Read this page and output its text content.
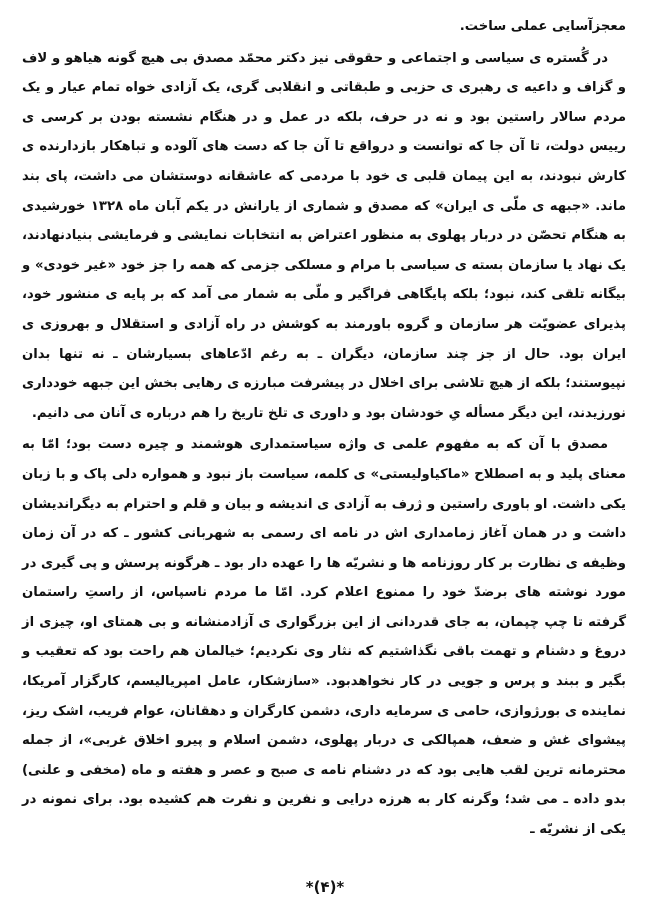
معجزآسایی عملی ساخت.

در گُستره ی سیاسی و اجتماعی و حقوقی نیز دکتر محمّد مصدق بی هیچ گونه هیاهو و لاف و گزاف و داعیه ی رهبری ی حزبی و طبقاتی و انقلابی گری، یک آزادی خواه تمام عیار و یک مردم سالار راستین بود و نه در حرف، بلکه در عمل و در هنگام نشسته بودن بر کرسی ی رییس دولت، تا آن جا که توانست و درواقع تا آن جا که دست های آلوده و تباهکار بازدارنده ی کارش نبودند، به این پیمان قلبی ی خود با مردمی که عاشقانه دوستشان می داشت، پای بند ماند. «جبهه ی ملّی ی ایران» که مصدق و شماری از یارانش در یکم آبان ماه ۱۳۲۸ خورشیدی به هنگام تحصّن در دربار پهلوی به منظور اعتراض به انتخابات نمایشی و فرمایشی بنیادنهادند، یک نهاد یا سازمان بسته ی سیاسی با مرام و مسلکی جزمی که همه را جز خود «غیر خودی» و بیگانه تلقی کند، نبود؛ بلکه پایگاهی فراگیر و ملّی به شمار می آمد که بر پایه ی منشور خود، پذیرای عضویّت هر سازمان و گروه باورمند به کوشش در راه آزادی و استقلال و بهروزی ی ایران بود. حال از جز چند سازمان، دیگران ـ به رغم ادّعاهای بسیارشان ـ نه تنها بدان نپیوستند؛ بلکه از هیچ تلاشی برای اخلال در پیشرفت مبارزه ی رهایی بخش این جبهه خودداری نورزیدند، این دیگر مسأله یِ خودشان بود و داوری ی تلخ تاریخ را هم درباره ی آنان می دانیم.

مصدق با آن که به مفهوم علمی ی واژه سیاستمداری هوشمند و چیره دست بود؛ امّا به معنای پلید و به اصطلاح «ماکیاولیستی» ی کلمه، سیاست باز نبود و همواره دلی پاک و با زبان یکی داشت. او باوری راستین و ژرف به آزادی ی اندیشه و بیان و قلم و احترام به دیگراندیشان داشت و در همان آغاز زمامداری اش در نامه ای رسمی به شهربانی کشور ـ که در آن زمان وظیفه ی نظارت بر کار روزنامه ها و نشریّه ها را عهده دار بود ـ هرگونه پرسش و پی گیری در مورد نوشته های برضدّ خود را ممنوع اعلام کرد. امّا ما مردم ناسپاس، از راستِ راستمان گرفته تا چپ چپمان، به جای قدردانی از این بزرگواری ی آزادمنشانه و بی همتای او، چیزی از دروغ و دشنام و تهمت باقی نگذاشتیم که نثار وی نکردیم؛ خیالمان هم راحت بود که تعقیب و بگیر و ببند و پرس و جویی در کار نخواهدبود. «سازشکار، عامل امپریالیسم، کارگزار آمریکا، نماینده ی بورژوازی، حامی ی سرمایه داری، دشمن کارگران و دهقانان، عوام فریب، اشک ریز، پیشوای غش و ضعف، همپالکی ی دربار پهلوی، دشمن اسلام و پیرو اخلاق غربی»، از جمله محترمانه ترین لقب هایی بود که در دشنام نامه ی صبح و عصر و هفته و ماه (مخفی و علنی) بدو داده ـ می شد؛ وگرنه کار به هرزه درایی و نفرین و نفرت هم کشیده بود. برای نمونه در یکی از نشریّه ـ

*(۴)*
